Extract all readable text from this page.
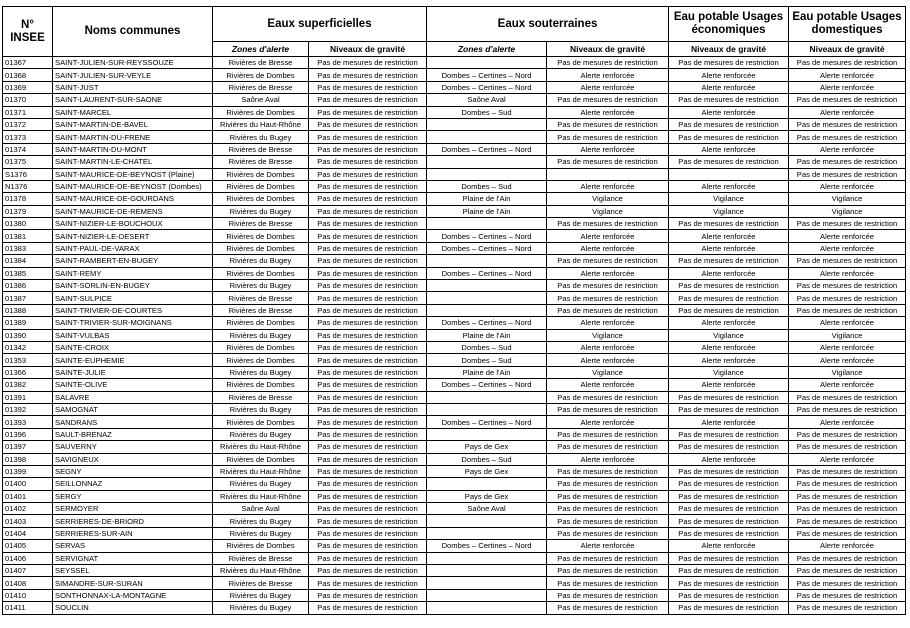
N° INSEE	Noms communes	Eaux superficielles		Eaux souterraines		Eau potable Usages économiques	Eau potable Usages domestiques
		Zones d'alerte	Niveaux de gravité	Zones d'alerte	Niveaux de gravité	Niveaux de gravité	Niveaux de gravité
01367	SAINT-JULIEN-SUR-REYSSOUZE	Rivières de Bresse	Pas de mesures de restriction		Pas de mesures de restriction	Pas de mesures de restriction	Pas de mesures de restriction
01368	SAINT-JULIEN-SUR-VEYLE	Rivières de Dombes	Pas de mesures de restriction	Dombes – Certines – Nord	Alerte renforcée	Alerte renforcée	Alerte renforcée
01369	SAINT-JUST	Rivières de Bresse	Pas de mesures de restriction	Dombes – Certines – Nord	Alerte renforcée	Alerte renforcée	Alerte renforcée
01370	SAINT-LAURENT-SUR-SAONE	Saône Aval	Pas de mesures de restriction	Saône Aval	Pas de mesures de restriction	Pas de mesures de restriction	Pas de mesures de restriction
01371	SAINT-MARCEL	Rivières de Dombes	Pas de mesures de restriction	Dombes – Sud	Alerte renforcée	Alerte renforcée	Alerte renforcée
01372	SAINT-MARTIN-DE-BAVEL	Rivières du Haut-Rhône	Pas de mesures de restriction		Pas de mesures de restriction	Pas de mesures de restriction	Pas de mesures de restriction
01373	SAINT-MARTIN-DU-FRENE	Rivières du Bugey	Pas de mesures de restriction		Pas de mesures de restriction	Pas de mesures de restriction	Pas de mesures de restriction
01374	SAINT-MARTIN-DU-MONT	Rivières de Bresse	Pas de mesures de restriction	Dombes – Certines – Nord	Alerte renforcée	Alerte renforcée	Alerte renforcée
01375	SAINT-MARTIN-LE-CHATEL	Rivières de Bresse	Pas de mesures de restriction		Pas de mesures de restriction	Pas de mesures de restriction	Pas de mesures de restriction
S1376	SAINT-MAURICE-DE-BEYNOST (Plaine)	Rivières de Dombes	Pas de mesures de restriction				Pas de mesures de restriction
N1376	SAINT-MAURICE-DE-BEYNOST (Dombes)	Rivières de Dombes	Pas de mesures de restriction	Dombes – Sud	Alerte renforcée	Alerte renforcée	Alerte renforcée
01378	SAINT-MAURICE-DE-GOURDANS	Rivières de Dombes	Pas de mesures de restriction	Plaine de l'Ain	Vigilance	Vigilance	Vigilance
01379	SAINT-MAURICE-DE-REMENS	Rivières du Bugey	Pas de mesures de restriction	Plaine de l'Ain	Vigilance	Vigilance	Vigilance
01380	SAINT-NIZIER-LE-BOUCHOUX	Rivières de Bresse	Pas de mesures de restriction		Pas de mesures de restriction	Pas de mesures de restriction	Pas de mesures de restriction
01381	SAINT-NIZIER-LE-DESERT	Rivières de Dombes	Pas de mesures de restriction	Dombes – Certines – Nord	Alerte renforcée	Alerte renforcée	Alerte renforcée
01383	SAINT-PAUL-DE-VARAX	Rivières de Dombes	Pas de mesures de restriction	Dombes – Certines – Nord	Alerte renforcée	Alerte renforcée	Alerte renforcée
01384	SAINT-RAMBERT-EN-BUGEY	Rivières du Bugey	Pas de mesures de restriction		Pas de mesures de restriction	Pas de mesures de restriction	Pas de mesures de restriction
01385	SAINT-REMY	Rivières de Dombes	Pas de mesures de restriction	Dombes – Certines – Nord	Alerte renforcée	Alerte renforcée	Alerte renforcée
01386	SAINT-SORLIN-EN-BUGEY	Rivières du Bugey	Pas de mesures de restriction		Pas de mesures de restriction	Pas de mesures de restriction	Pas de mesures de restriction
01387	SAINT-SULPICE	Rivières de Bresse	Pas de mesures de restriction		Pas de mesures de restriction	Pas de mesures de restriction	Pas de mesures de restriction
01388	SAINT-TRIVIER-DE-COURTES	Rivières de Bresse	Pas de mesures de restriction		Pas de mesures de restriction	Pas de mesures de restriction	Pas de mesures de restriction
01389	SAINT-TRIVIER-SUR-MOIGNANS	Rivières de Dombes	Pas de mesures de restriction	Dombes – Certines – Nord	Alerte renforcée	Alerte renforcée	Alerte renforcée
01390	SAINT-VULBAS	Rivières du Bugey	Pas de mesures de restriction	Plaine de l'Ain	Vigilance	Vigilance	Vigilance
01342	SAINTE-CROIX	Rivières de Dombes	Pas de mesures de restriction	Dombes – Sud	Alerte renforcée	Alerte renforcée	Alerte renforcée
01353	SAINTE-EUPHEMIE	Rivières de Dombes	Pas de mesures de restriction	Dombes – Sud	Alerte renforcée	Alerte renforcée	Alerte renforcée
01366	SAINTE-JULIE	Rivières du Bugey	Pas de mesures de restriction	Plaine de l'Ain	Vigilance	Vigilance	Vigilance
01382	SAINTE-OLIVE	Rivières de Dombes	Pas de mesures de restriction	Dombes – Certines – Nord	Alerte renforcée	Alerte renforcée	Alerte renforcée
01391	SALAVRE	Rivières de Bresse	Pas de mesures de restriction		Pas de mesures de restriction	Pas de mesures de restriction	Pas de mesures de restriction
01392	SAMOGNAT	Rivières du Bugey	Pas de mesures de restriction		Pas de mesures de restriction	Pas de mesures de restriction	Pas de mesures de restriction
01393	SANDRANS	Rivières de Dombes	Pas de mesures de restriction	Dombes – Certines – Nord	Alerte renforcée	Alerte renforcée	Alerte renforcée
01396	SAULT-BRENAZ	Rivières du Bugey	Pas de mesures de restriction		Pas de mesures de restriction	Pas de mesures de restriction	Pas de mesures de restriction
01397	SAUVERNY	Rivières du Haut-Rhône	Pas de mesures de restriction	Pays de Gex	Pas de mesures de restriction	Pas de mesures de restriction	Pas de mesures de restriction
01398	SAVIGNEUX	Rivières de Dombes	Pas de mesures de restriction	Dombes – Sud	Alerte renforcée	Alerte renforcée	Alerte renforcée
01399	SEGNY	Rivières du Haut-Rhône	Pas de mesures de restriction	Pays de Gex	Pas de mesures de restriction	Pas de mesures de restriction	Pas de mesures de restriction
01400	SEILLONNAZ	Rivières du Bugey	Pas de mesures de restriction		Pas de mesures de restriction	Pas de mesures de restriction	Pas de mesures de restriction
01401	SERGY	Rivières du Haut-Rhône	Pas de mesures de restriction	Pays de Gex	Pas de mesures de restriction	Pas de mesures de restriction	Pas de mesures de restriction
01402	SERMOYER	Saône Aval	Pas de mesures de restriction	Saône Aval	Pas de mesures de restriction	Pas de mesures de restriction	Pas de mesures de restriction
01403	SERRIERES-DE-BRIORD	Rivières du Bugey	Pas de mesures de restriction		Pas de mesures de restriction	Pas de mesures de restriction	Pas de mesures de restriction
01404	SERRIERES-SUR-AIN	Rivières du Bugey	Pas de mesures de restriction		Pas de mesures de restriction	Pas de mesures de restriction	Pas de mesures de restriction
01405	SERVAS	Rivières de Dombes	Pas de mesures de restriction	Dombes – Certines – Nord	Alerte renforcée	Alerte renforcée	Alerte renforcée
01406	SERVIGNAT	Rivières de Bresse	Pas de mesures de restriction		Pas de mesures de restriction	Pas de mesures de restriction	Pas de mesures de restriction
01407	SEYSSEL	Rivières du Haut-Rhône	Pas de mesures de restriction		Pas de mesures de restriction	Pas de mesures de restriction	Pas de mesures de restriction
01408	SIMANDRE-SUR-SURAN	Rivières de Bresse	Pas de mesures de restriction		Pas de mesures de restriction	Pas de mesures de restriction	Pas de mesures de restriction
01410	SONTHONNAX-LA-MONTAGNE	Rivières du Bugey	Pas de mesures de restriction		Pas de mesures de restriction	Pas de mesures de restriction	Pas de mesures de restriction
01411	SOUCLIN	Rivières du Bugey	Pas de mesures de restriction		Pas de mesures de restriction	Pas de mesures de restriction	Pas de mesures de restriction
